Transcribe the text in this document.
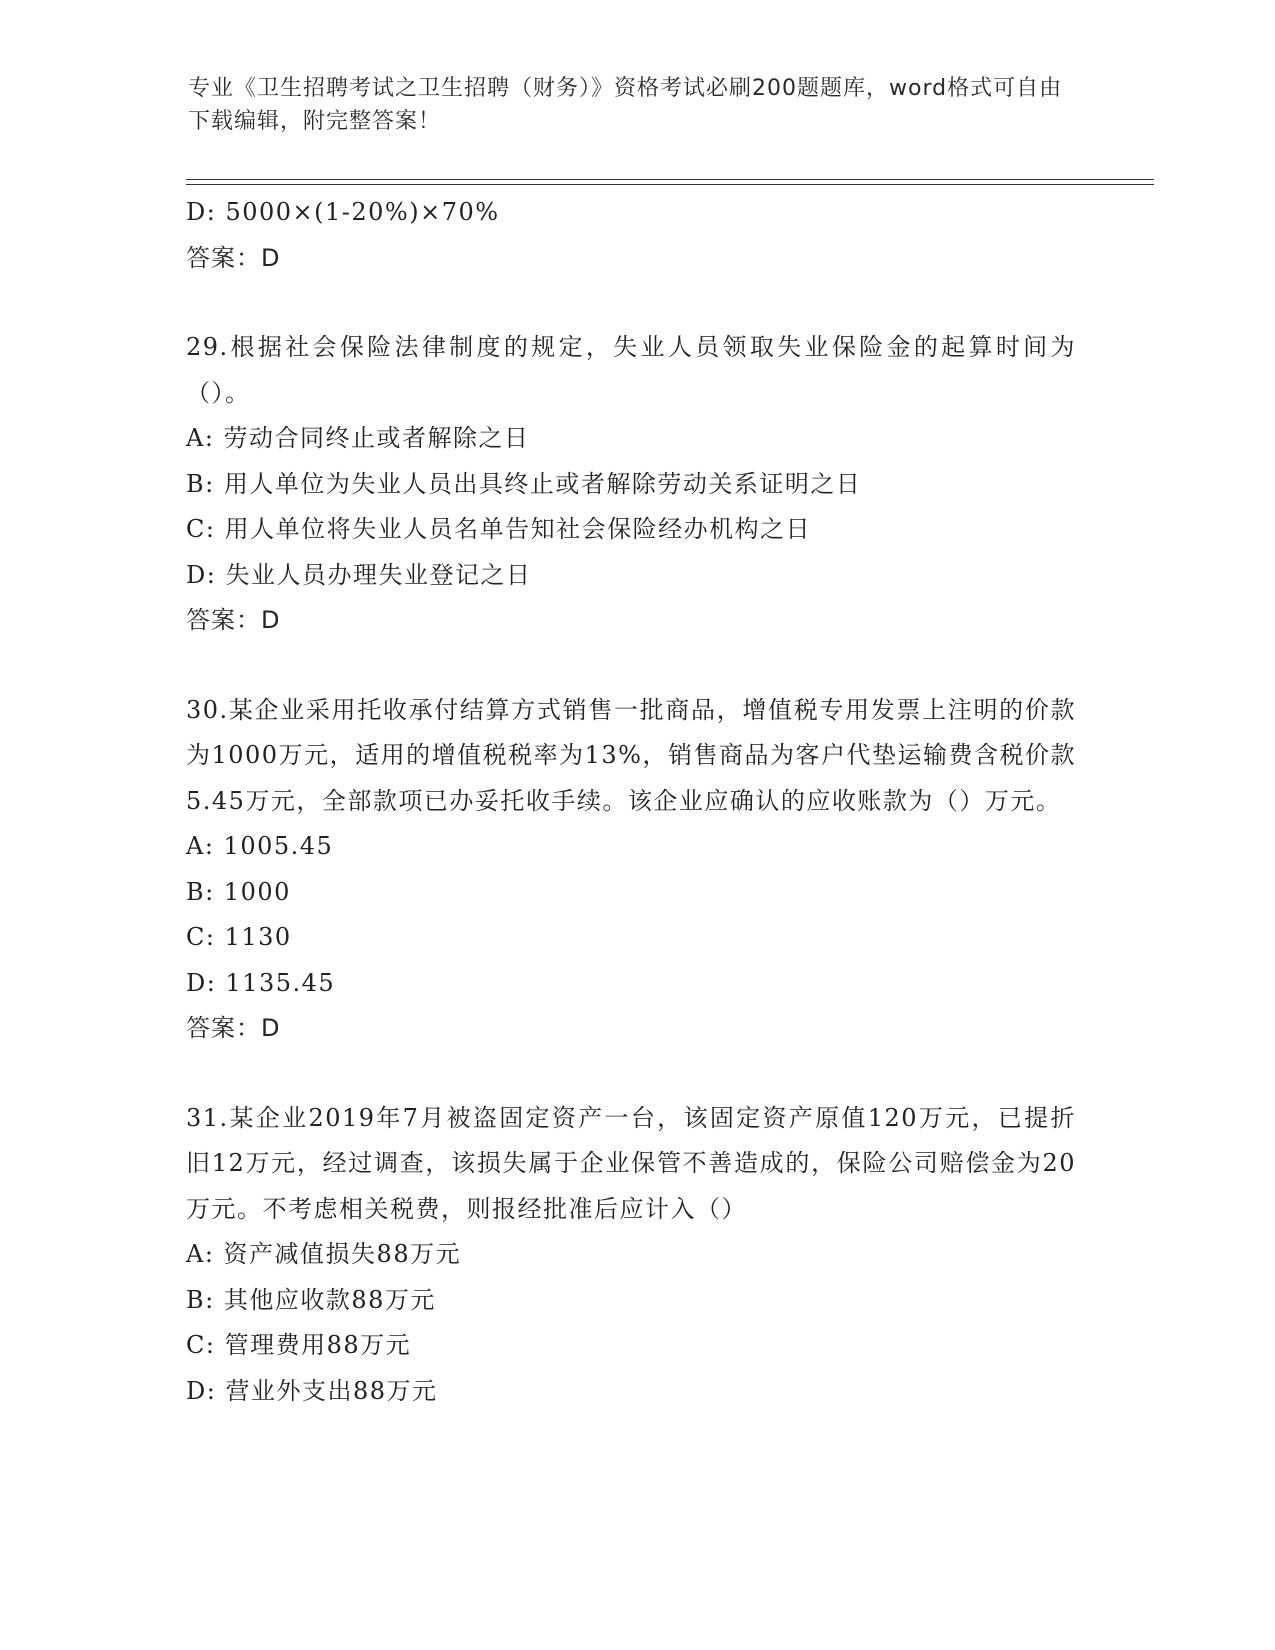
专业《卫生招聘考试之卫生招聘（财务）》资格考试必刷200题题库，word格式可自由下载编辑，附完整答案！
D: 5000×(1-20%)×70%
答案：D
29.根据社会保险法律制度的规定，失业人员领取失业保险金的起算时间为（）。
A: 劳动合同终止或者解除之日
B: 用人单位为失业人员出具终止或者解除劳动关系证明之日
C: 用人单位将失业人员名单告知社会保险经办机构之日
D: 失业人员办理失业登记之日
答案：D
30.某企业采用托收承付结算方式销售一批商品，增值税专用发票上注明的价款为1000万元，适用的增值税税率为13%，销售商品为客户代垫运输费含税价款5.45万元，全部款项已办妥托收手续。该企业应确认的应收账款为（）万元。
A: 1005.45
B: 1000
C: 1130
D: 1135.45
答案：D
31.某企业2019年7月被盗固定资产一台，该固定资产原值120万元，已提折旧12万元，经过调查，该损失属于企业保管不善造成的，保险公司赔偿金为20万元。不考虑相关税费，则报经批准后应计入（）
A: 资产减值损失88万元
B: 其他应收款88万元
C: 管理费用88万元
D: 营业外支出88万元
